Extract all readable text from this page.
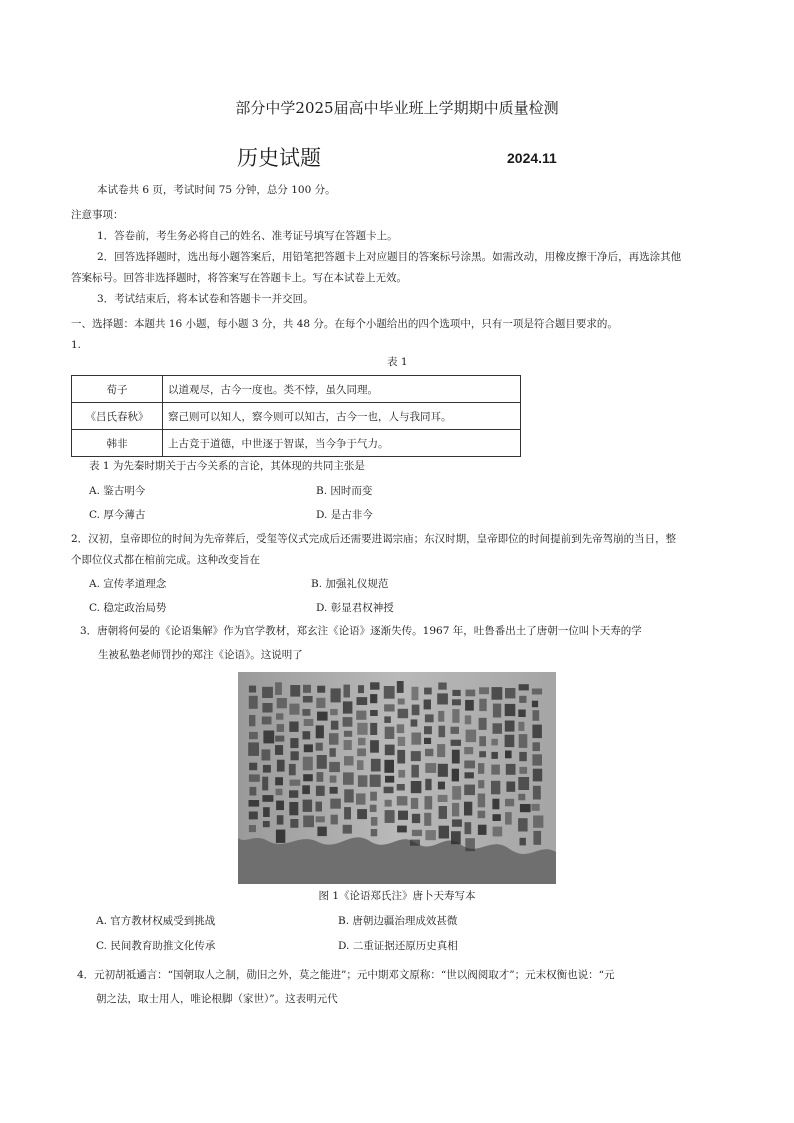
部分中学2025届高中毕业班上学期期中质量检测
历史试题	2024.11
本试卷共 6 页，考试时间 75 分钟，总分 100 分。
注意事项：
1．答卷前，考生务必将自己的姓名、准考证号填写在答题卡上。
2．回答选择题时，选出每小题答案后，用铅笔把答题卡上对应题目的答案标号涂黑。如需改动，用橡皮擦干净后，再选涂其他
答案标号。回答非选择题时，将答案写在答题卡上。写在本试卷上无效。
3．考试结束后，将本试卷和答题卡一并交回。
一、选择题：本题共 16 小题，每小题 3 分，共 48 分。在每个小题给出的四个选项中，只有一项是符合题目要求的。
1.
表 1
荀子	以道观尽，古今一度也。类不悖，虽久同理。
《吕氏春秋》	察己则可以知人，察今则可以知古，古今一也，人与我同耳。
韩非	上古竞于道德，中世逐于智谋，当今争于气力。
表 1 为先秦时期关于古今关系的言论，其体现的共同主张是
A. 鉴古明今	B. 因时而变
C. 厚今薄古	D. 是古非今
2．汉初，皇帝即位的时间为先帝葬后，受玺等仪式完成后还需要进谒宗庙；东汉时期，皇帝即位的时间提前到先帝驾崩的当日，整
个即位仪式都在棺前完成。这种改变旨在
A. 宣传孝道理念	B. 加强礼仪规范
C. 稳定政治局势	D. 彰显君权神授
3．唐朝将何晏的《论语集解》作为官学教材，郑玄注《论语》逐渐失传。1967 年，吐鲁番出土了唐朝一位叫卜天寿的学
生被私塾老师罚抄的郑注《论语》。这说明了
图 1《论语郑氏注》唐卜天寿写本
A. 官方教材权威受到挑战	B. 唐朝边疆治理成效甚微
C. 民间教育助推文化传承	D. 二重证据还原历史真相
4．元初胡祗遹言：“国朝取人之制，勋旧之外，莫之能进”；元中期邓文原称：“世以阀阅取才”；元末权衡也说：“元
朝之法，取士用人，唯论根脚（家世）”。这表明元代
